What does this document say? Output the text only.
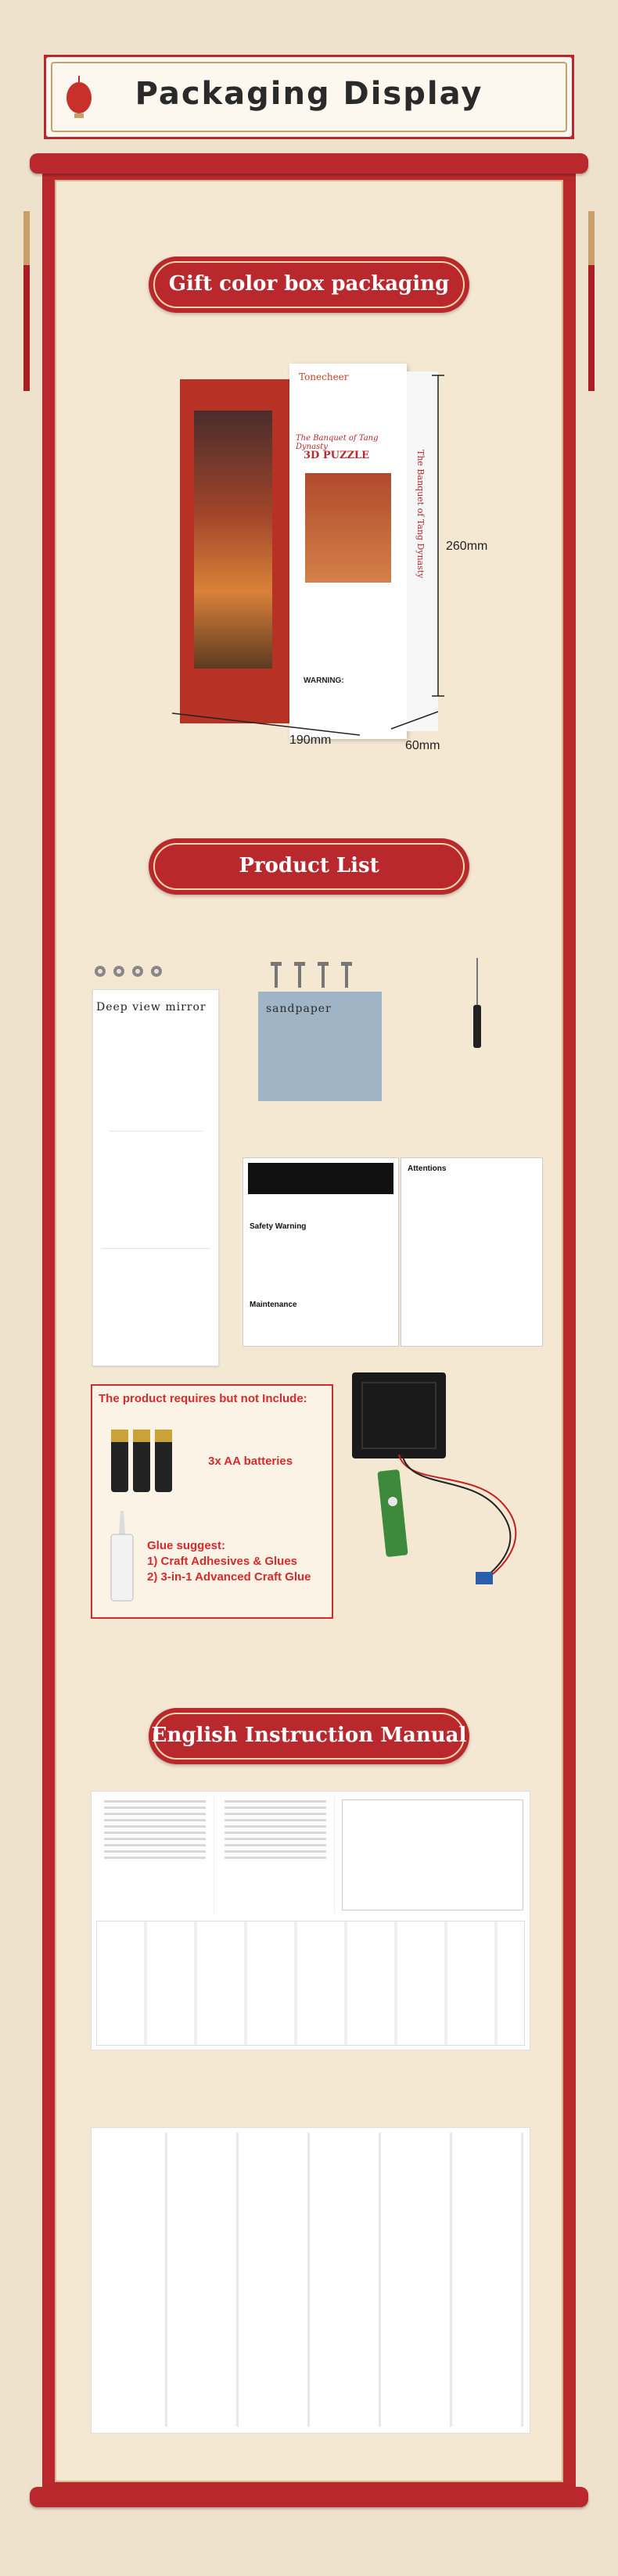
Packaging Display
Gift color box packaging
Tonecheer
The Banquet of Tang Dynasty
3D PUZZLE
WARNING:
The Banquet of Tang Dynasty 260mm
190mm	60mm
Product List
Deep view mirror	sandpaper
Safety Warning
Maintenance
Attentions
The product requires but not Include:
3x AA batteries
Glue suggest:
1) Craft Adhesives & Glues
2) 3-in-1 Advanced Craft Glue
English Instruction Manual
